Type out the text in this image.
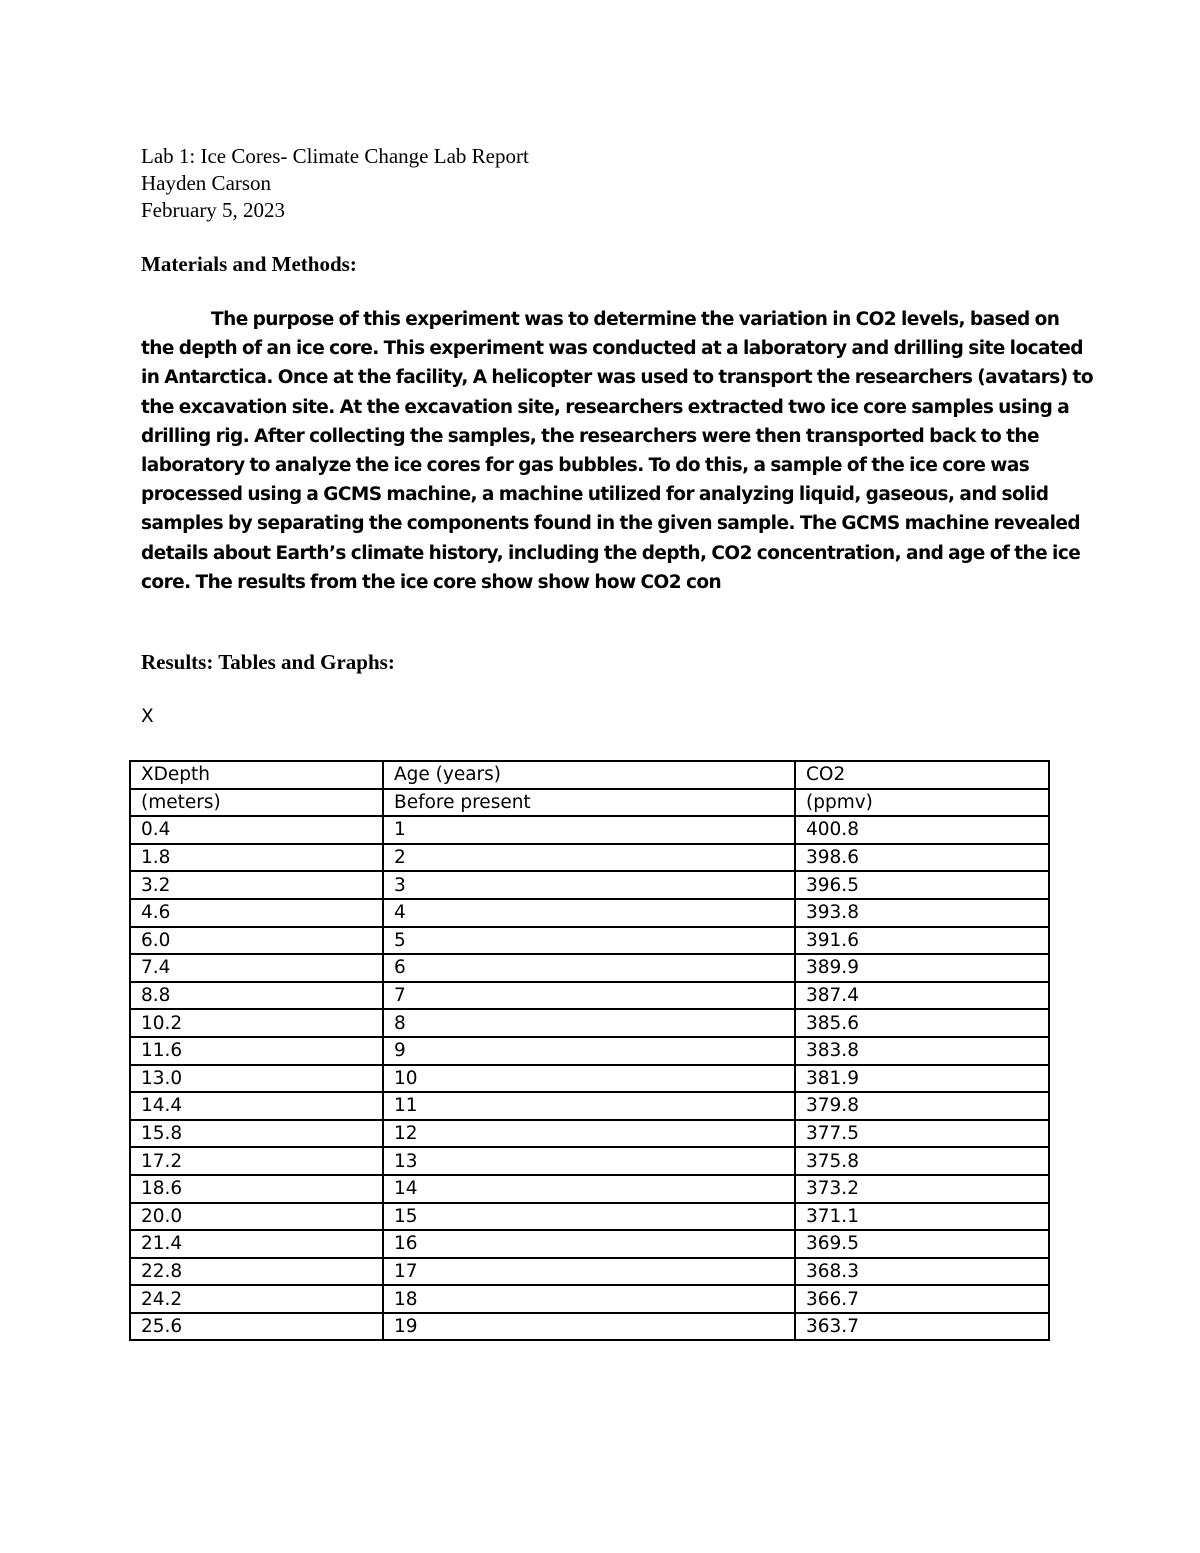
Lab 1: Ice Cores- Climate Change Lab Report
Hayden Carson
February 5, 2023
Materials and Methods:
The purpose of this experiment was to determine the variation in CO2 levels, based on
the depth of an ice core. This experiment was conducted at a laboratory and drilling site located
in Antarctica. Once at the facility, A helicopter was used to transport the researchers (avatars) to
the excavation site. At the excavation site, researchers extracted two ice core samples using a
drilling rig. After collecting the samples, the researchers were then transported back to the
laboratory to analyze the ice cores for gas bubbles. To do this, a sample of the ice core was
processed using a GCMS machine, a machine utilized for analyzing liquid, gaseous, and solid
samples by separating the components found in the given sample. The GCMS machine revealed
details about Earth’s climate history, including the depth, CO2 concentration, and age of the ice
core. The results from the ice core show show how CO2 con
Results: Tables and Graphs:
X
XDepth	Age (years)	CO2
(meters)	Before present	(ppmv)
0.4	1	400.8
1.8	2	398.6
3.2	3	396.5
4.6	4	393.8
6.0	5	391.6
7.4	6	389.9
8.8	7	387.4
10.2	8	385.6
11.6	9	383.8
13.0	10	381.9
14.4	11	379.8
15.8	12	377.5
17.2	13	375.8
18.6	14	373.2
20.0	15	371.1
21.4	16	369.5
22.8	17	368.3
24.2	18	366.7
25.6	19	363.7
